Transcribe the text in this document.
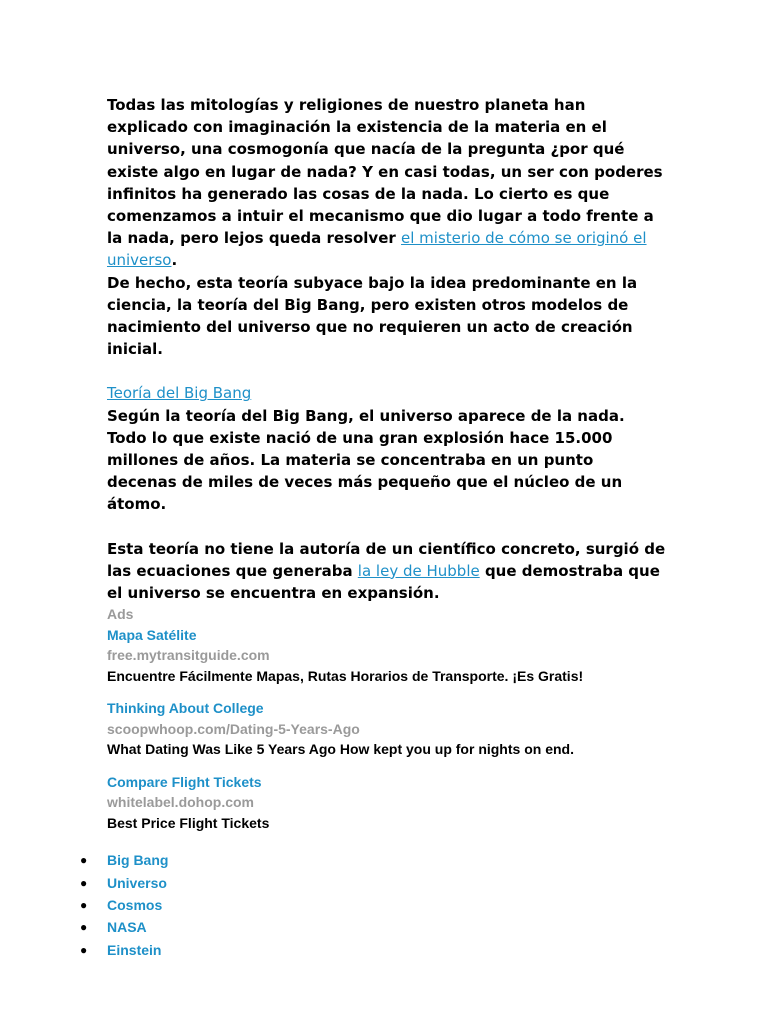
Todas las mitologías y religiones de nuestro planeta han explicado con imaginación la existencia de la materia en el universo, una cosmogonía que nacía de la pregunta ¿por qué existe algo en lugar de nada? Y en casi todas, un ser con poderes infinitos ha generado las cosas de la nada. Lo cierto es que comenzamos a intuir el mecanismo que dio lugar a todo frente a la nada, pero lejos queda resolver el misterio de cómo se originó el universo.

De hecho, esta teoría subyace bajo la idea predominante en la ciencia, la teoría del Big Bang, pero existen otros modelos de nacimiento del universo que no requieren un acto de creación inicial.

Teoría del Big Bang

Según la teoría del Big Bang, el universo aparece de la nada. Todo lo que existe nació de una gran explosión hace 15.000 millones de años. La materia se concentraba en un punto decenas de miles de veces más pequeño que el núcleo de un átomo.

Esta teoría no tiene la autoría de un científico concreto, surgió de las ecuaciones que generaba la ley de Hubble que demostraba que el universo se encuentra en expansión.

Ads
Mapa Satélite
free.mytransitguide.com
Encuentre Fácilmente Mapas, Rutas Horarios de Transporte. ¡Es Gratis!
Thinking About College
scoopwhoop.com/Dating-5-Years-Ago
What Dating Was Like 5 Years Ago How kept you up for nights on end.
Compare Flight Tickets
whitelabel.dohop.com
Best Price Flight Tickets
● Big Bang
● Universo
● Cosmos
● NASA
● Einstein
